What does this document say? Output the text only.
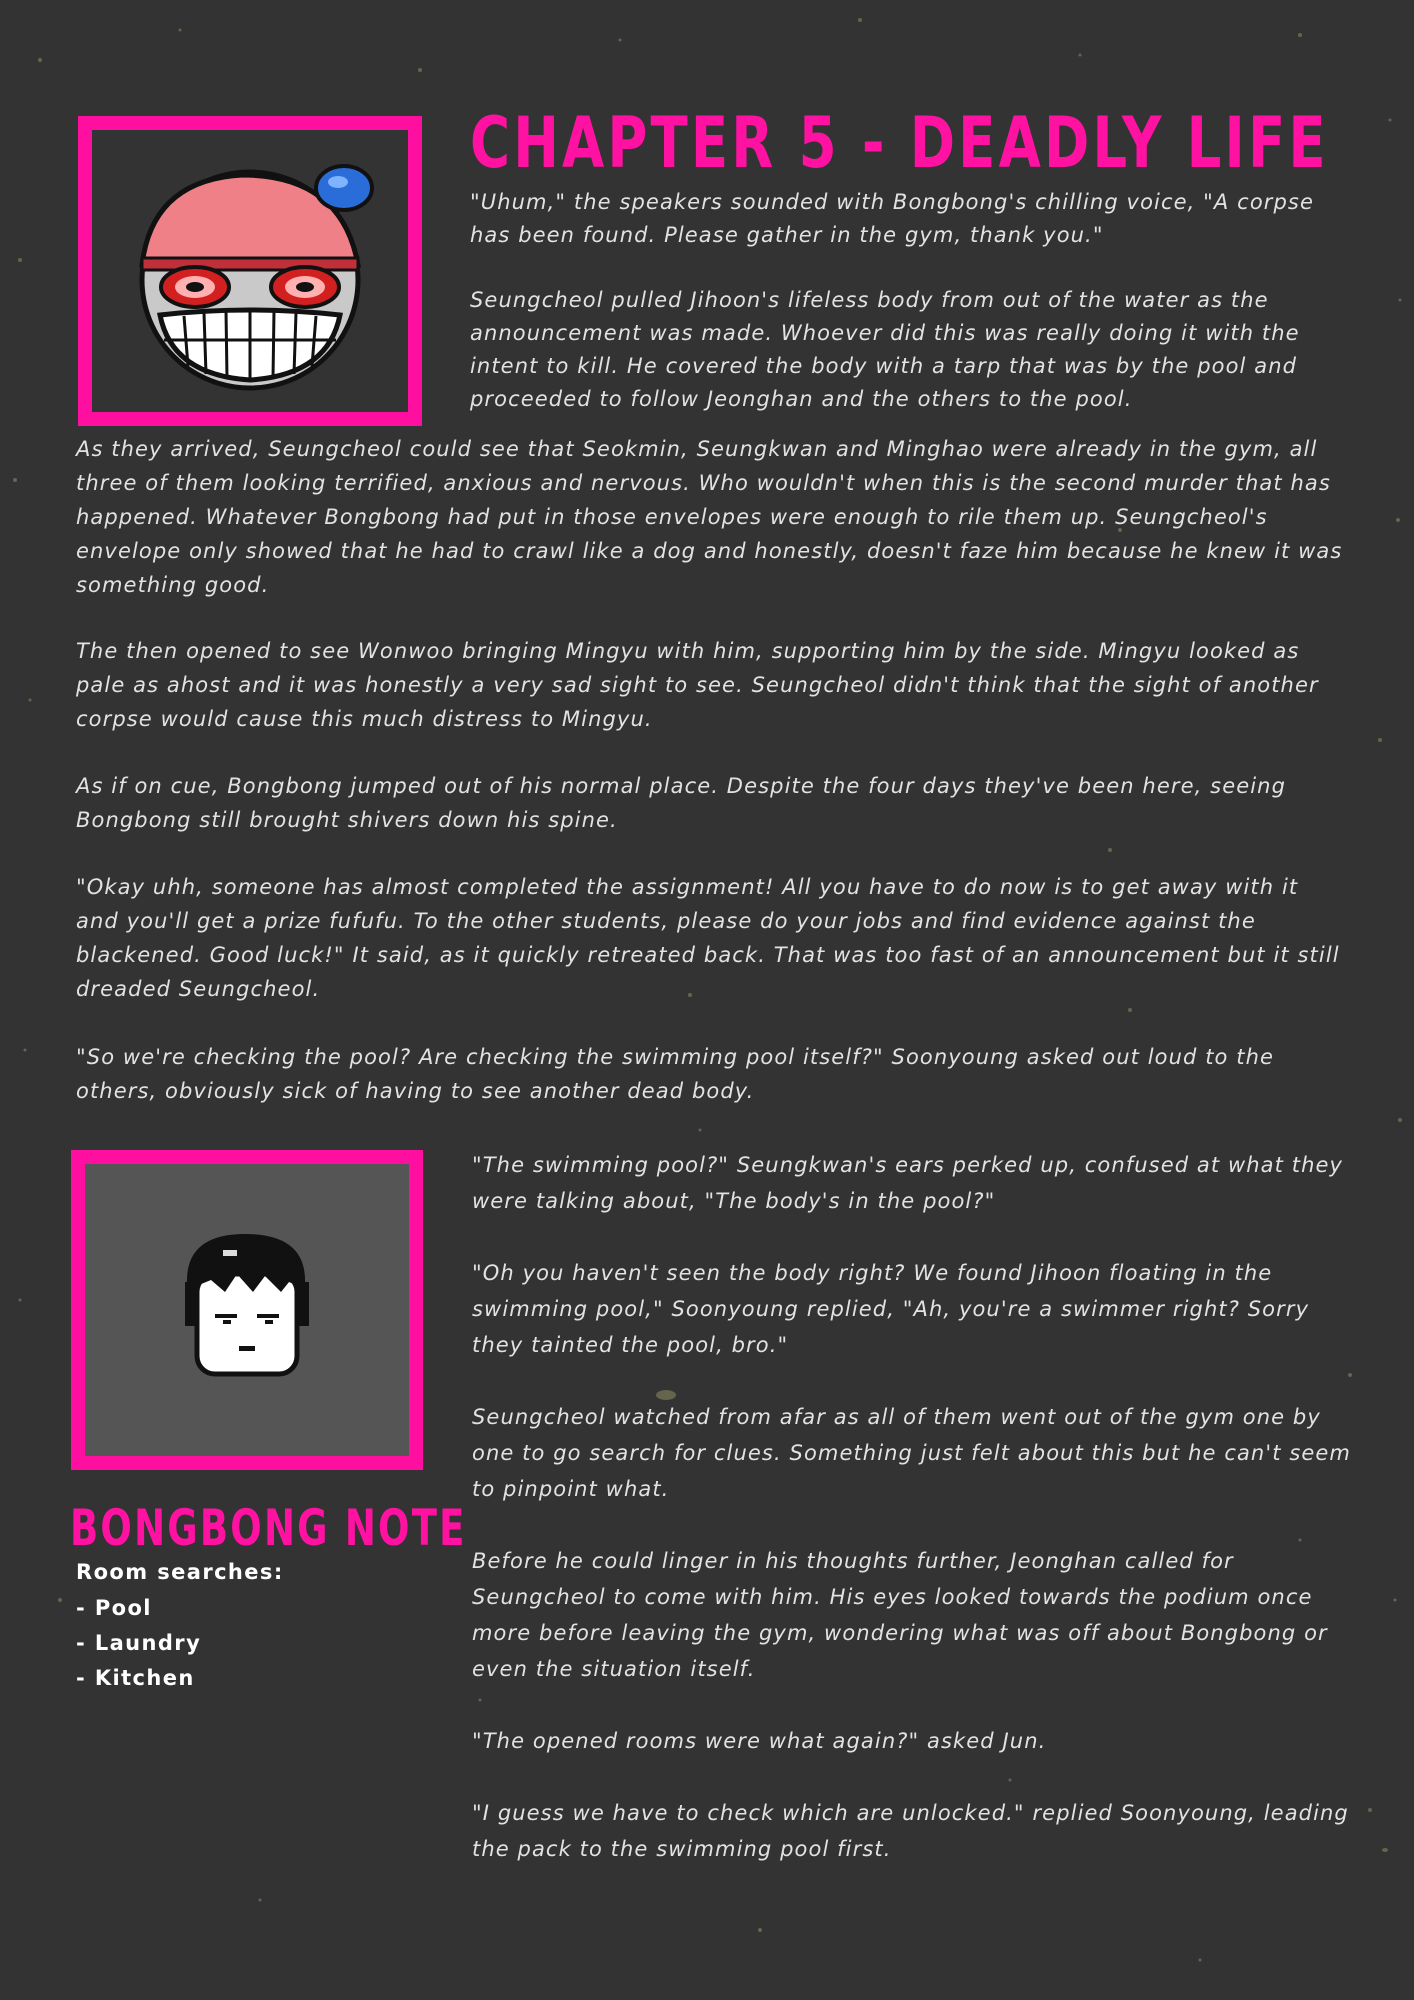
CHAPTER 5 - DEADLY LIFE

"Uhum," the speakers sounded with Bongbong's chilling voice, "A corpse has been found. Please gather in the gym, thank you."

Seungcheol pulled Jihoon's lifeless body from out of the water as the announcement was made. Whoever did this was really doing it with the intent to kill. He covered the body with a tarp that was by the pool and proceeded to follow Jeonghan and the others to the pool.

As they arrived, Seungcheol could see that Seokmin, Seungkwan and Minghao were already in the gym, all three of them looking terrified, anxious and nervous. Who wouldn't when this is the second murder that has happened. Whatever Bongbong had put in those envelopes were enough to rile them up. Seungcheol's envelope only showed that he had to crawl like a dog and honestly, doesn't faze him because he knew it was something good.

The then opened to see Wonwoo bringing Mingyu with him, supporting him by the side. Mingyu looked as pale as ahost and it was honestly a very sad sight to see. Seungcheol didn't think that the sight of another corpse would cause this much distress to Mingyu.

As if on cue, Bongbong jumped out of his normal place. Despite the four days they've been here, seeing Bongbong still brought shivers down his spine.

"Okay uhh, someone has almost completed the assignment! All you have to do now is to get away with it and you'll get a prize fufufu. To the other students, please do your jobs and find evidence against the blackened. Good luck!" It said, as it quickly retreated back. That was too fast of an announcement but it still dreaded Seungcheol.

"So we're checking the pool? Are checking the swimming pool itself?" Soonyoung asked out loud to the others, obviously sick of having to see another dead body.

BONGBONG NOTE

Room searches:

- Pool

- Laundry

- Kitchen

"The swimming pool?" Seungkwan's ears perked up, confused at what they were talking about, "The body's in the pool?"

"Oh you haven't seen the body right? We found Jihoon floating in the swimming pool," Soonyoung replied, "Ah, you're a swimmer right? Sorry they tainted the pool, bro."

Seungcheol watched from afar as all of them went out of the gym one by one to go search for clues. Something just felt about this but he can't seem to pinpoint what.

Before he could linger in his thoughts further, Jeonghan called for Seungcheol to come with him. His eyes looked towards the podium once more before leaving the gym, wondering what was off about Bongbong or even the situation itself.

"The opened rooms were what again?" asked Jun.

"I guess we have to check which are unlocked." replied Soonyoung, leading the pack to the swimming pool first.
